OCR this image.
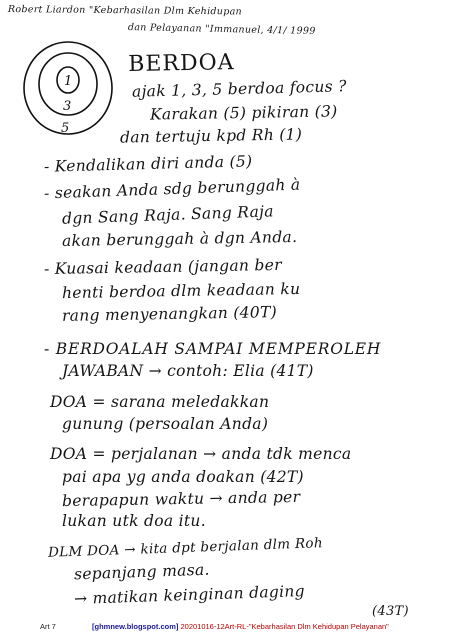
Robert Liardon "Kebarhasilan Dlm Kehidupan
dan Pelayanan "Immanuel, 4/1/ 1999
1
3
5
BERDOA
ajak 1, 3, 5 berdoa focus ?
Karakan (5) pikiran (3)
dan tertuju kpd Rh (1)
- Kendalikan diri anda (5)
- seakan Anda sdg berunggah à
dgn Sang Raja. Sang Raja
akan berunggah à dgn Anda.
- Kuasai keadaan (jangan ber
henti berdoa dlm keadaan ku
rang menyenangkan (40T)
- BERDOALAH SAMPAI MEMPEROLEH
JAWABAN → contoh: Elia (41T)
DOA = sarana meledakkan
gunung (persoalan Anda)
DOA = perjalanan → anda tdk menca
pai apa yg anda doakan (42T)
berapapun waktu → anda per
lukan utk doa itu.
DLM DOA → kita dpt berjalan dlm Roh
sepanjang masa.
→ matikan keinginan daging
(43T)
Art 7	[ghmnew.blogspot.com] 20201016-12Art-RL-"Kebarhasilan Dlm Kehidupan Pelayanan"
